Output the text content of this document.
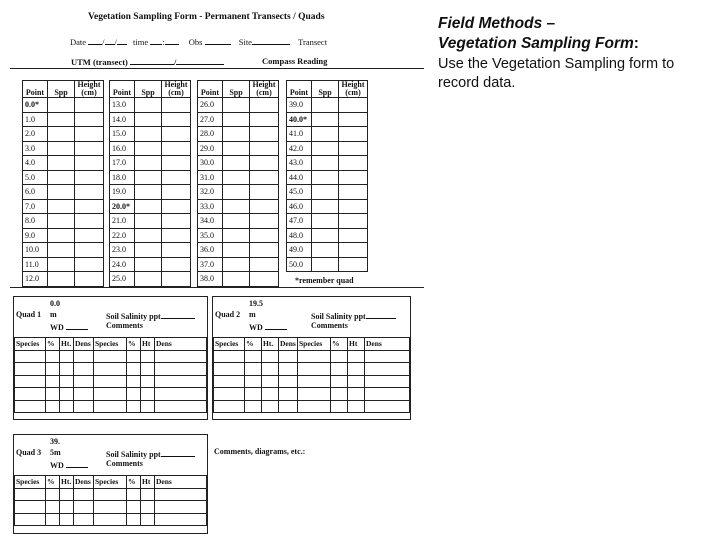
Vegetation Sampling Form - Permanent Transects / Quads
Date / / time :	Obs	Site	Transect
UTM (transect)	/	Compass Reading
Point	Spp	Height
(cm)
0.0*		
1.0		
2.0		
3.0		
4.0		
5.0		
6.0		
7.0		
8.0		
9.0		
10.0		
11.0		
12.0		
Point	Spp	Height
(cm)
13.0		
14.0		
15.0		
16.0		
17.0		
18.0		
19.0		
20.0*		
21.0		
22.0		
23.0		
24.0		
25.0		
Point	Spp	Height
(cm)
26.0		
27.0		
28.0		
29.0		
30.0		
31.0		
32.0		
33.0		
34.0		
35.0		
36.0		
37.0		
38.0		
Point	Spp	Height
(cm)
39.0		
40.0*		
41.0		
42.0		
43.0		
44.0		
45.0		
46.0		
47.0		
48.0		
49.0		
50.0		
*remember quad
0.0
Quad 1 m
WD
Soil Salinity ppt
Comments
Species	%	Ht.	Dens	Species	%	Ht	Dens

19.5
Quad 2 m
WD
Soil Salinity ppt
Comments
Species	%	Ht.	Dens	Species	%	Ht	Dens

39.
Quad 3 5m
WD
Soil Salinity ppt
Comments
Species	%	Ht.	Dens	Species	%	Ht	Dens

Comments, diagrams, etc.:
Field Methods –
Vegetation Sampling Form:
Use the Vegetation Sampling form to record data.
